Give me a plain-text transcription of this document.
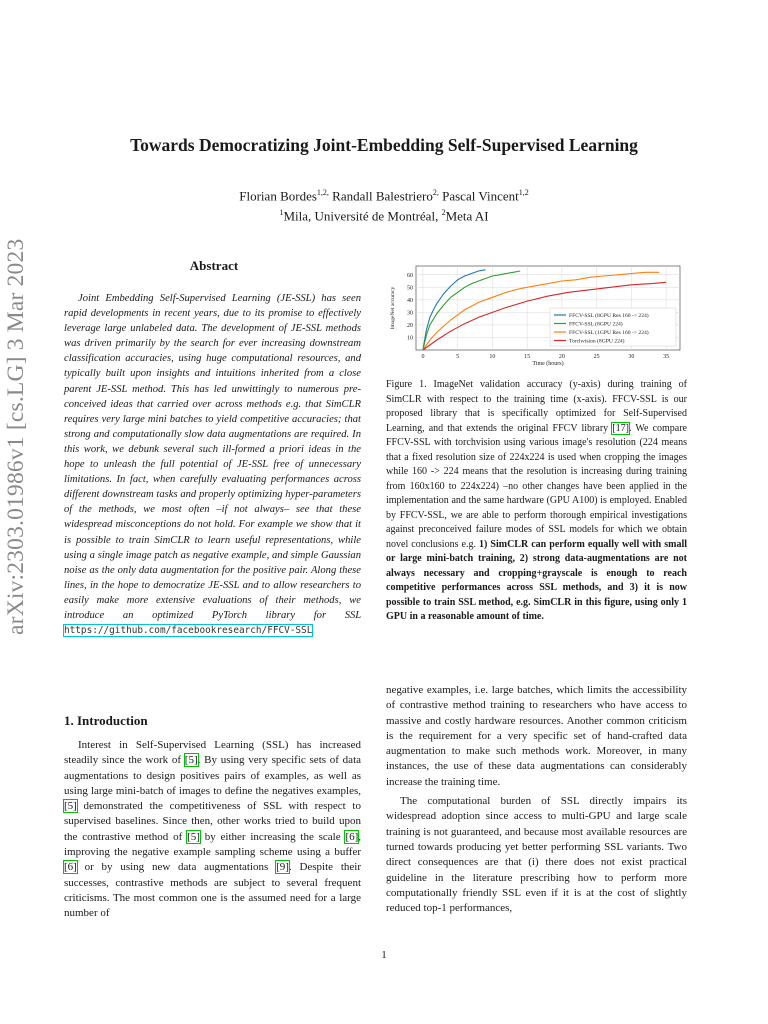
arXiv:2303.01986v1 [cs.LG] 3 Mar 2023
Towards Democratizing Joint-Embedding Self-Supervised Learning
Florian Bordes$^{1,2,}$ Randall Balestriero$^{2,}$ Pascal Vincent$^{1,2}$
$^1$Mila, Université de Montréal, $^2$Meta AI
Abstract
Joint Embedding Self-Supervised Learning (JE-SSL) has seen rapid developments in recent years, due to its promise to effectively leverage large unlabeled data. The development of JE-SSL methods was driven primarily by the search for ever increasing downstream classification accuracies, using huge computational resources, and typically built upon insights and intuitions inherited from a close parent JE-SSL method. This has led unwittingly to numerous pre-conceived ideas that carried over across methods e.g. that SimCLR requires very large mini batches to yield competitive accuracies; that strong and computationally slow data augmentations are required. In this work, we debunk several such ill-formed a priori ideas in the hope to unleash the full potential of JE-SSL free of unnecessary limitations. In fact, when carefully evaluating performances across different downstream tasks and properly optimizing hyper-parameters of the methods, we most often –if not always– see that these widespread misconceptions do not hold. For example we show that it is possible to train SimCLR to learn useful representations, while using a single image patch as negative example, and simple Gaussian noise as the only data augmentation for the positive pair. Along these lines, in the hope to democratize JE-SSL and to allow researchers to easily make more extensive evaluations of their methods, we introduce an optimized PyTorch library for SSL https://github.com/facebookresearch/FFCV-SSL
1. Introduction
Interest in Self-Supervised Learning (SSL) has increased steadily since the work of [5]. By using very specific sets of data augmentations to design positives pairs of examples, as well as using large mini-batch of images to define the negatives examples, [5] demonstrated the competitiveness of SSL with respect to supervised baselines. Since then, other works tried to build upon the contrastive method of [5] by either increasing the scale [6], improving the negative example sampling scheme using a buffer [6] or by using new data augmentations [9]. Despite their successes, contrastive methods are subject to several frequent criticisms. The most common one is the assumed need for a large number of
0	5	10	15	20	25	30	35
10
20
30
40
50
60
Time (hours)
ImageNet accuracy	FFCV-SSL (8GPU Res 160 -> 224)
FFCV-SSL (8GPU 224)
FFCV-SSL (1GPU Res 160 -> 224)
Torchvision (8GPU 224)
Figure 1. ImageNet validation accuracy (y-axis) during training of SimCLR with respect to the training time (x-axis). FFCV-SSL is our proposed library that is specifically optimized for Self-Supervised Learning, and that extends the original FFCV library [17]. We compare FFCV-SSL with torchvision using various image's resolution (224 means that a fixed resolution size of 224x224 is used when cropping the images while 160 -> 224 means that the resolution is increasing during training from 160x160 to 224x224) –no other changes have been applied in the implementation and the same hardware (GPU A100) is employed. Enabled by FFCV-SSL, we are able to perform thorough empirical investigations against preconceived failure modes of SSL models for which we obtain novel conclusions e.g. 1) SimCLR can perform equally well with small or large mini-batch training, 2) strong data-augmentations are not always necessary and cropping+grayscale is enough to reach competitive performances across SSL methods, and 3) it is now possible to train SSL method, e.g. SimCLR in this figure, using only 1 GPU in a reasonable amount of time.

negative examples, i.e. large batches, which limits the accessibility of contrastive method training to researchers who have access to massive and costly hardware resources. Another common criticism is the requirement for a very specific set of hand-crafted data augmentation to make such methods work. Moreover, in many instances, the use of these data augmentations can considerably increase the training time.

The computational burden of SSL directly impairs its widespread adoption since access to multi-GPU and large scale training is not guaranteed, and because most available resources are turned towards producing yet better performing SSL variants. Two direct consequences are that (i) there does not exist practical guideline in the literature prescribing how to perform more computationally friendly SSL even if it is at the cost of slightly reduced top-1 performances,

1
